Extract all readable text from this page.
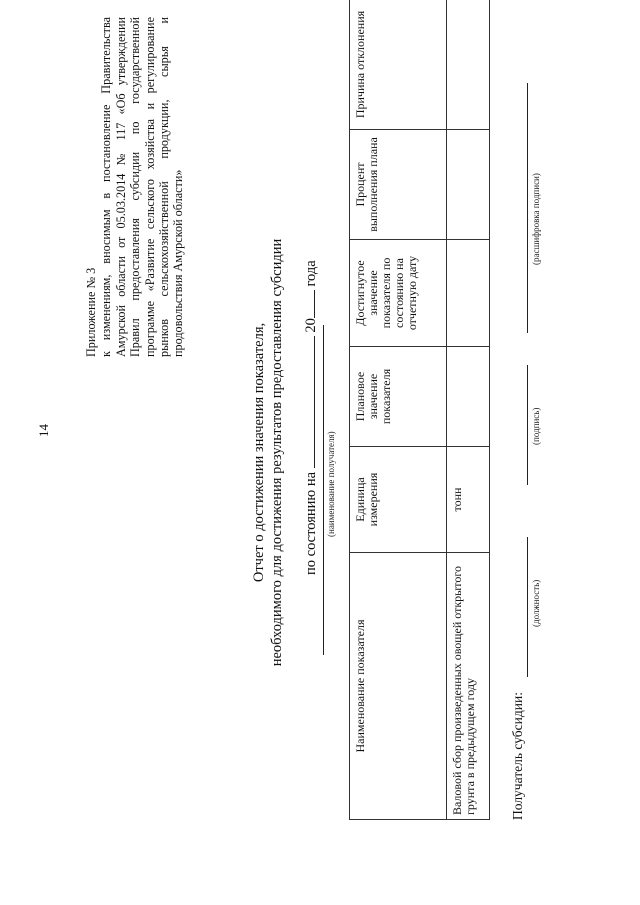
14
Приложение № 3 к изменениям, вносимым в постановление Правительства Амурской области от 05.03.2014 № 117 «Об утверждении Правил предоставления субсидии по государственной программе «Развитие сельского хозяйства и регулирование рынков сельскохозяйственной продукции, сырья и продовольствия Амурской области»
Отчет о достижении значения показателя, необходимого для достижения результатов предоставления субсидии по состоянию на  20 года
(наименование получателя)
Наименование показателя	Единица измерения	Плановое значение показателя	Достигнутое значение показателя по состоянию на отчетную дату	Процент выполнения плана	Причина отклонения
Валовой сбор произведенных овощей открытого грунта в предыдущем году	тонн				
Получатель субсидии:
(должность)
(подпись)
(расшифровка подписи)
